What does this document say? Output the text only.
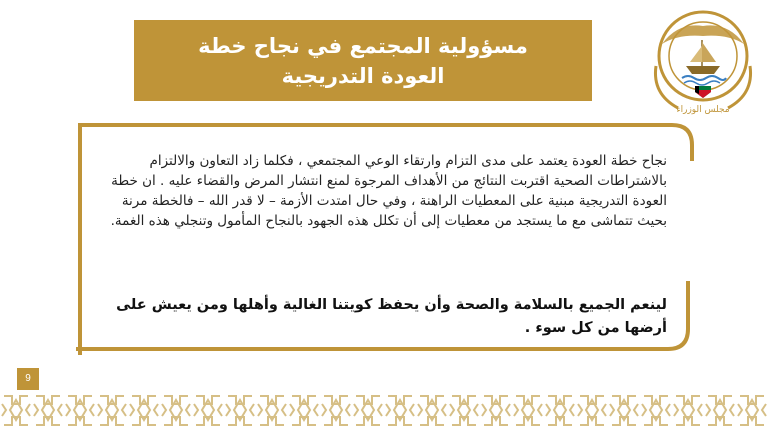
مسؤولية المجتمع في نجاح خطة
العودة التدريجية
مجلس الوزراء
نجاح خطة العودة يعتمد على مدى التزام وارتقاء الوعي المجتمعي ، فكلما زاد التعاون والالتزام بالاشتراطات الصحية اقتربت النتائج من الأهداف المرجوة لمنع انتشار المرض والقضاء عليه . ان خطة العودة التدريجية مبنية على المعطيات الراهنة ، وفي حال امتدت الأزمة – لا قدر الله – فالخطة مرنة بحيث تتماشى مع ما يستجد من معطيات إلى أن تكلل هذه الجهود بالنجاح المأمول وتنجلي هذه الغمة.
لينعم الجميع بالسلامة والصحة وأن يحفظ كويتنا الغالية وأهلها ومن يعيش على أرضها من كل سوء .
9
